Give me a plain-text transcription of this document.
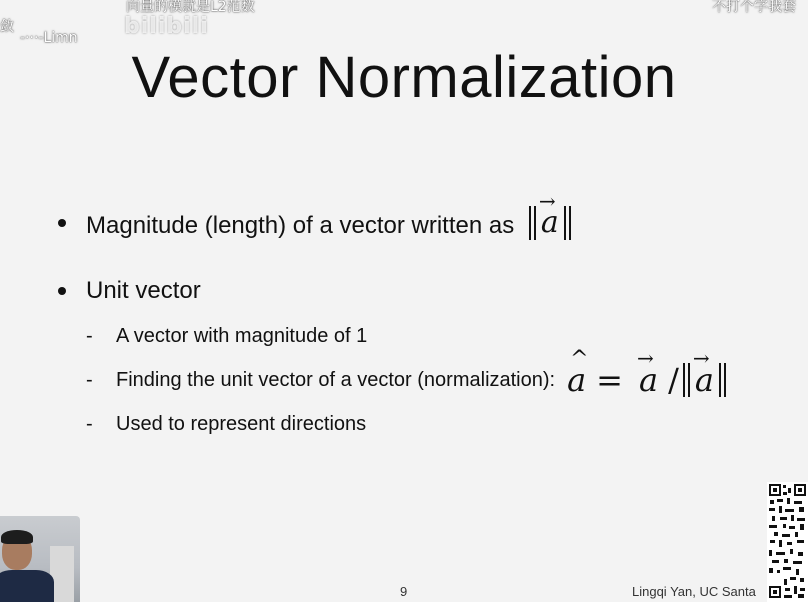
向量的模就是L2范数	不打个字我套
敛
-···-Limn bilibili
Vector Normalization
Magnitude (length) of a vector written as a →
Unit vector
-	A vector with magnitude of 1
-	Finding the unit vector of a vector (normalization): a ^ = a → / a →
-	Used to represent directions
9	Lingqi Yan, UC Santa
